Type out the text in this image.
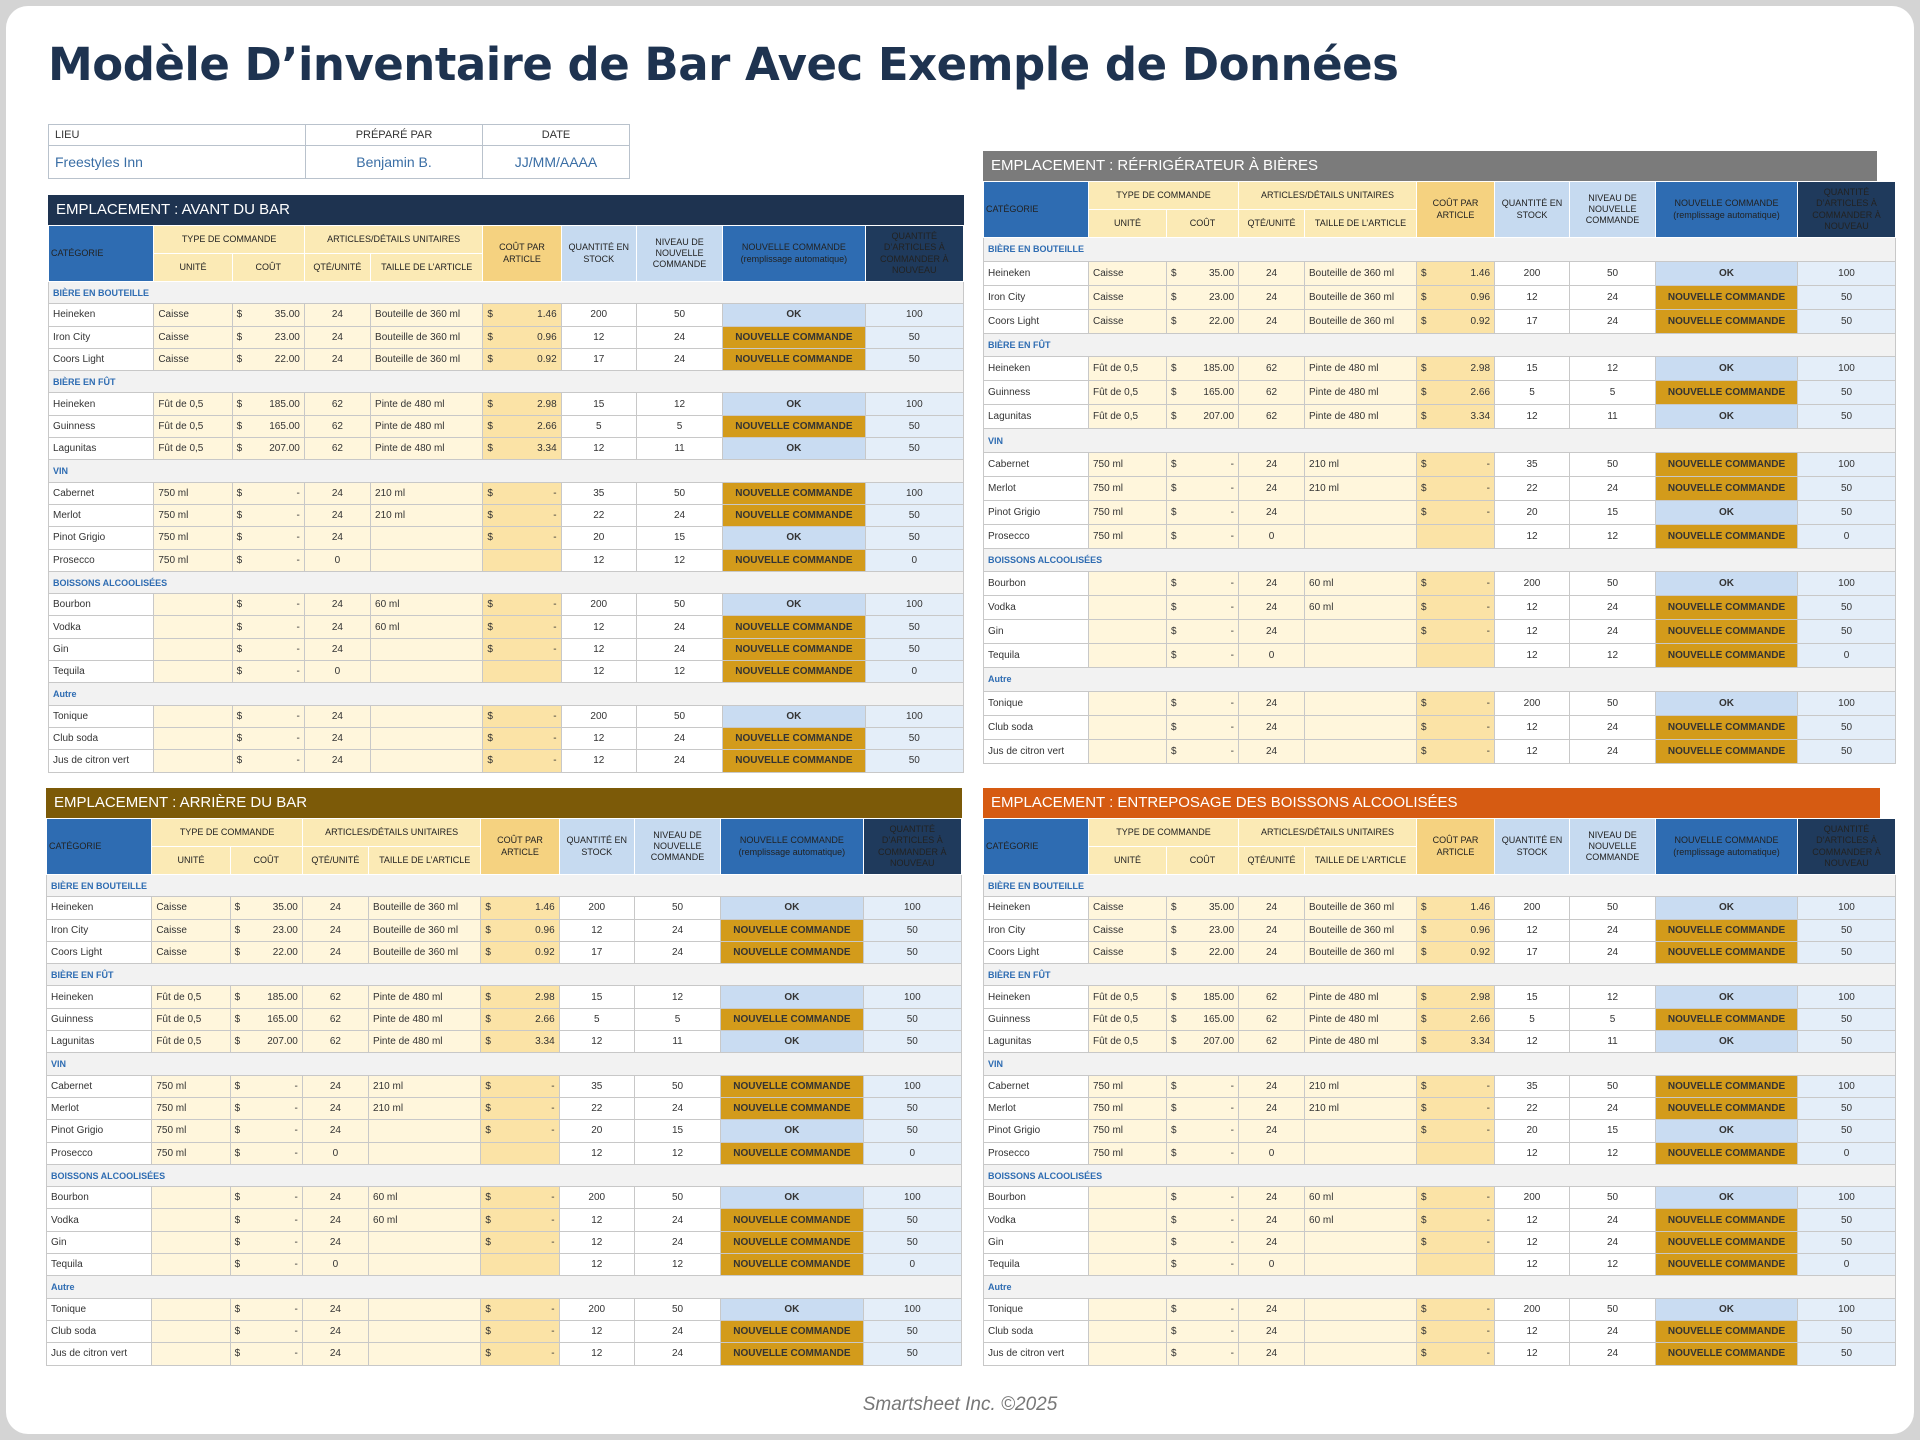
Modèle D’inventaire de Bar Avec Exemple de Données
LIEU	PRÉPARÉ PAR	DATE
Freestyles Inn	Benjamin B.	JJ/MM/AAAA
EMPLACEMENT : AVANT DU BAR
CATÉGORIE	TYPE DE COMMANDE		ARTICLES/DÉTAILS UNITAIRES		COÛT PAR ARTICLE	QUANTITÉ EN STOCK	NIVEAU DE NOUVELLE COMMANDE	NOUVELLE COMMANDE (remplissage automatique)	QUANTITÉ D’ARTICLES À COMMANDER À NOUVEAU
	UNITÉ	COÛT	QTÉ/UNITÉ	TAILLE DE L’ARTICLE					
BIÈRE EN BOUTEILLE									
Heineken	Caisse	$ 35.00	24	Bouteille de 360 ml	$ 1.46	200	50	OK	100
Iron City	Caisse	$ 23.00	24	Bouteille de 360 ml	$ 0.96	12	24	NOUVELLE COMMANDE	50
Coors Light	Caisse	$ 22.00	24	Bouteille de 360 ml	$ 0.92	17	24	NOUVELLE COMMANDE	50
BIÈRE EN FÛT									
Heineken	Fût de 0,5	$ 185.00	62	Pinte de 480 ml	$ 2.98	15	12	OK	100
Guinness	Fût de 0,5	$ 165.00	62	Pinte de 480 ml	$ 2.66	5	5	NOUVELLE COMMANDE	50
Lagunitas	Fût de 0,5	$ 207.00	62	Pinte de 480 ml	$ 3.34	12	11	OK	50
VIN									
Cabernet	750 ml	$ -	24	210 ml	$ -	35	50	NOUVELLE COMMANDE	100
Merlot	750 ml	$ -	24	210 ml	$ -	22	24	NOUVELLE COMMANDE	50
Pinot Grigio	750 ml	$ -	24		$ -	20	15	OK	50
Prosecco	750 ml	$ -	0			12	12	NOUVELLE COMMANDE	0
BOISSONS ALCOOLISÉES									
Bourbon		$ -	24	60 ml	$ -	200	50	OK	100
Vodka		$ -	24	60 ml	$ -	12	24	NOUVELLE COMMANDE	50
Gin		$ -	24		$ -	12	24	NOUVELLE COMMANDE	50
Tequila		$ -	0			12	12	NOUVELLE COMMANDE	0
Autre									
Tonique		$ -	24		$ -	200	50	OK	100
Club soda		$ -	24		$ -	12	24	NOUVELLE COMMANDE	50
Jus de citron vert		$ -	24		$ -	12	24	NOUVELLE COMMANDE	50
EMPLACEMENT : RÉFRIGÉRATEUR À BIÈRES
CATÉGORIE	TYPE DE COMMANDE		ARTICLES/DÉTAILS UNITAIRES		COÛT PAR ARTICLE	QUANTITÉ EN STOCK	NIVEAU DE NOUVELLE COMMANDE	NOUVELLE COMMANDE (remplissage automatique)	QUANTITÉ D’ARTICLES À COMMANDER À NOUVEAU
	UNITÉ	COÛT	QTÉ/UNITÉ	TAILLE DE L’ARTICLE					
BIÈRE EN BOUTEILLE									
Heineken	Caisse	$ 35.00	24	Bouteille de 360 ml	$ 1.46	200	50	OK	100
Iron City	Caisse	$ 23.00	24	Bouteille de 360 ml	$ 0.96	12	24	NOUVELLE COMMANDE	50
Coors Light	Caisse	$ 22.00	24	Bouteille de 360 ml	$ 0.92	17	24	NOUVELLE COMMANDE	50
BIÈRE EN FÛT									
Heineken	Fût de 0,5	$ 185.00	62	Pinte de 480 ml	$ 2.98	15	12	OK	100
Guinness	Fût de 0,5	$ 165.00	62	Pinte de 480 ml	$ 2.66	5	5	NOUVELLE COMMANDE	50
Lagunitas	Fût de 0,5	$ 207.00	62	Pinte de 480 ml	$ 3.34	12	11	OK	50
VIN									
Cabernet	750 ml	$ -	24	210 ml	$ -	35	50	NOUVELLE COMMANDE	100
Merlot	750 ml	$ -	24	210 ml	$ -	22	24	NOUVELLE COMMANDE	50
Pinot Grigio	750 ml	$ -	24		$ -	20	15	OK	50
Prosecco	750 ml	$ -	0			12	12	NOUVELLE COMMANDE	0
BOISSONS ALCOOLISÉES									
Bourbon		$ -	24	60 ml	$ -	200	50	OK	100
Vodka		$ -	24	60 ml	$ -	12	24	NOUVELLE COMMANDE	50
Gin		$ -	24		$ -	12	24	NOUVELLE COMMANDE	50
Tequila		$ -	0			12	12	NOUVELLE COMMANDE	0
Autre									
Tonique		$ -	24		$ -	200	50	OK	100
Club soda		$ -	24		$ -	12	24	NOUVELLE COMMANDE	50
Jus de citron vert		$ -	24		$ -	12	24	NOUVELLE COMMANDE	50
EMPLACEMENT : ARRIÈRE DU BAR
CATÉGORIE	TYPE DE COMMANDE		ARTICLES/DÉTAILS UNITAIRES		COÛT PAR ARTICLE	QUANTITÉ EN STOCK	NIVEAU DE NOUVELLE COMMANDE	NOUVELLE COMMANDE (remplissage automatique)	QUANTITÉ D’ARTICLES À COMMANDER À NOUVEAU
	UNITÉ	COÛT	QTÉ/UNITÉ	TAILLE DE L’ARTICLE					
BIÈRE EN BOUTEILLE									
Heineken	Caisse	$ 35.00	24	Bouteille de 360 ml	$ 1.46	200	50	OK	100
Iron City	Caisse	$ 23.00	24	Bouteille de 360 ml	$ 0.96	12	24	NOUVELLE COMMANDE	50
Coors Light	Caisse	$ 22.00	24	Bouteille de 360 ml	$ 0.92	17	24	NOUVELLE COMMANDE	50
BIÈRE EN FÛT									
Heineken	Fût de 0,5	$ 185.00	62	Pinte de 480 ml	$ 2.98	15	12	OK	100
Guinness	Fût de 0,5	$ 165.00	62	Pinte de 480 ml	$ 2.66	5	5	NOUVELLE COMMANDE	50
Lagunitas	Fût de 0,5	$ 207.00	62	Pinte de 480 ml	$ 3.34	12	11	OK	50
VIN									
Cabernet	750 ml	$ -	24	210 ml	$ -	35	50	NOUVELLE COMMANDE	100
Merlot	750 ml	$ -	24	210 ml	$ -	22	24	NOUVELLE COMMANDE	50
Pinot Grigio	750 ml	$ -	24		$ -	20	15	OK	50
Prosecco	750 ml	$ -	0			12	12	NOUVELLE COMMANDE	0
BOISSONS ALCOOLISÉES									
Bourbon		$ -	24	60 ml	$ -	200	50	OK	100
Vodka		$ -	24	60 ml	$ -	12	24	NOUVELLE COMMANDE	50
Gin		$ -	24		$ -	12	24	NOUVELLE COMMANDE	50
Tequila		$ -	0			12	12	NOUVELLE COMMANDE	0
Autre									
Tonique		$ -	24		$ -	200	50	OK	100
Club soda		$ -	24		$ -	12	24	NOUVELLE COMMANDE	50
Jus de citron vert		$ -	24		$ -	12	24	NOUVELLE COMMANDE	50
EMPLACEMENT : ENTREPOSAGE DES BOISSONS ALCOOLISÉES
CATÉGORIE	TYPE DE COMMANDE		ARTICLES/DÉTAILS UNITAIRES		COÛT PAR ARTICLE	QUANTITÉ EN STOCK	NIVEAU DE NOUVELLE COMMANDE	NOUVELLE COMMANDE (remplissage automatique)	QUANTITÉ D’ARTICLES À COMMANDER À NOUVEAU
	UNITÉ	COÛT	QTÉ/UNITÉ	TAILLE DE L’ARTICLE					
BIÈRE EN BOUTEILLE									
Heineken	Caisse	$ 35.00	24	Bouteille de 360 ml	$ 1.46	200	50	OK	100
Iron City	Caisse	$ 23.00	24	Bouteille de 360 ml	$ 0.96	12	24	NOUVELLE COMMANDE	50
Coors Light	Caisse	$ 22.00	24	Bouteille de 360 ml	$ 0.92	17	24	NOUVELLE COMMANDE	50
BIÈRE EN FÛT									
Heineken	Fût de 0,5	$ 185.00	62	Pinte de 480 ml	$ 2.98	15	12	OK	100
Guinness	Fût de 0,5	$ 165.00	62	Pinte de 480 ml	$ 2.66	5	5	NOUVELLE COMMANDE	50
Lagunitas	Fût de 0,5	$ 207.00	62	Pinte de 480 ml	$ 3.34	12	11	OK	50
VIN									
Cabernet	750 ml	$ -	24	210 ml	$ -	35	50	NOUVELLE COMMANDE	100
Merlot	750 ml	$ -	24	210 ml	$ -	22	24	NOUVELLE COMMANDE	50
Pinot Grigio	750 ml	$ -	24		$ -	20	15	OK	50
Prosecco	750 ml	$ -	0			12	12	NOUVELLE COMMANDE	0
BOISSONS ALCOOLISÉES									
Bourbon		$ -	24	60 ml	$ -	200	50	OK	100
Vodka		$ -	24	60 ml	$ -	12	24	NOUVELLE COMMANDE	50
Gin		$ -	24		$ -	12	24	NOUVELLE COMMANDE	50
Tequila		$ -	0			12	12	NOUVELLE COMMANDE	0
Autre									
Tonique		$ -	24		$ -	200	50	OK	100
Club soda		$ -	24		$ -	12	24	NOUVELLE COMMANDE	50
Jus de citron vert		$ -	24		$ -	12	24	NOUVELLE COMMANDE	50
Smartsheet Inc. ©2025
